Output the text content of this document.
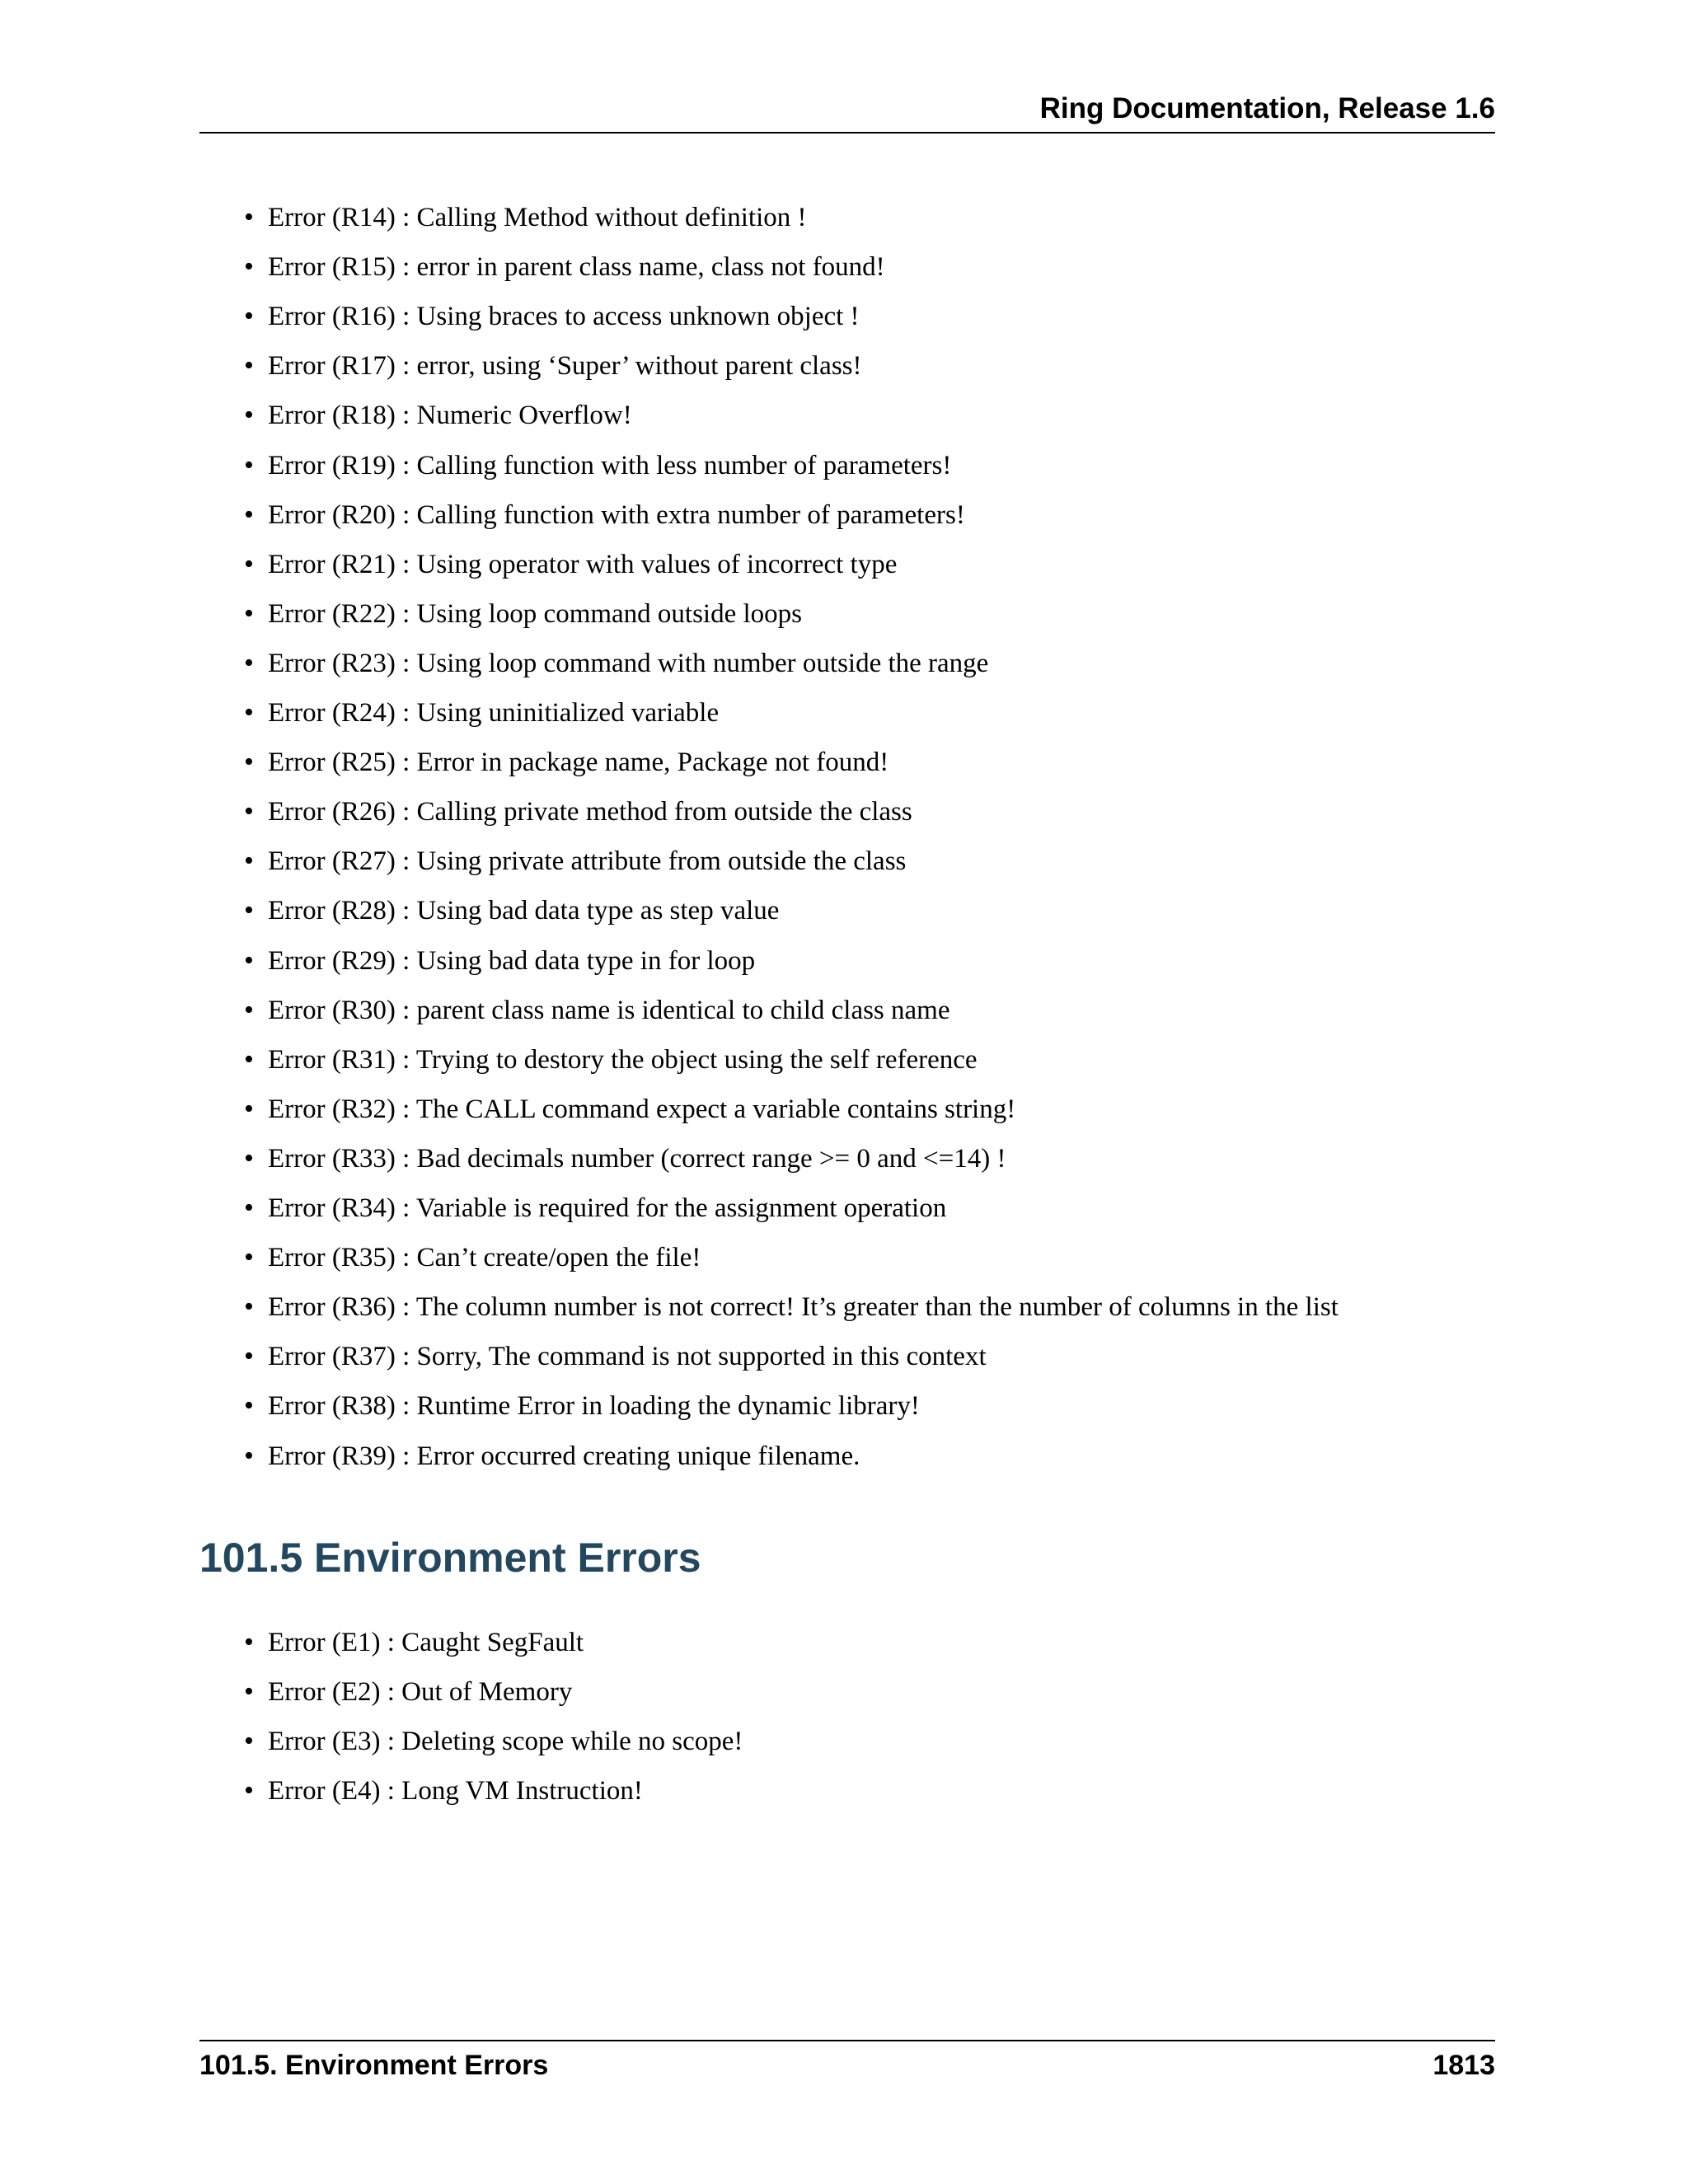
Ring Documentation, Release 1.6
• Error (R14) : Calling Method without definition !
• Error (R15) : error in parent class name, class not found!
• Error (R16) : Using braces to access unknown object !
• Error (R17) : error, using ‘Super’ without parent class!
• Error (R18) : Numeric Overflow!
• Error (R19) : Calling function with less number of parameters!
• Error (R20) : Calling function with extra number of parameters!
• Error (R21) : Using operator with values of incorrect type
• Error (R22) : Using loop command outside loops
• Error (R23) : Using loop command with number outside the range
• Error (R24) : Using uninitialized variable
• Error (R25) : Error in package name, Package not found!
• Error (R26) : Calling private method from outside the class
• Error (R27) : Using private attribute from outside the class
• Error (R28) : Using bad data type as step value
• Error (R29) : Using bad data type in for loop
• Error (R30) : parent class name is identical to child class name
• Error (R31) : Trying to destory the object using the self reference
• Error (R32) : The CALL command expect a variable contains string!
• Error (R33) : Bad decimals number (correct range >= 0 and <=14) !
• Error (R34) : Variable is required for the assignment operation
• Error (R35) : Can’t create/open the file!
• Error (R36) : The column number is not correct! It’s greater than the number of columns in the list
• Error (R37) : Sorry, The command is not supported in this context
• Error (R38) : Runtime Error in loading the dynamic library!
• Error (R39) : Error occurred creating unique filename.
101.5 Environment Errors
• Error (E1) : Caught SegFault
• Error (E2) : Out of Memory
• Error (E3) : Deleting scope while no scope!
• Error (E4) : Long VM Instruction!
101.5. Environment Errors	1813
